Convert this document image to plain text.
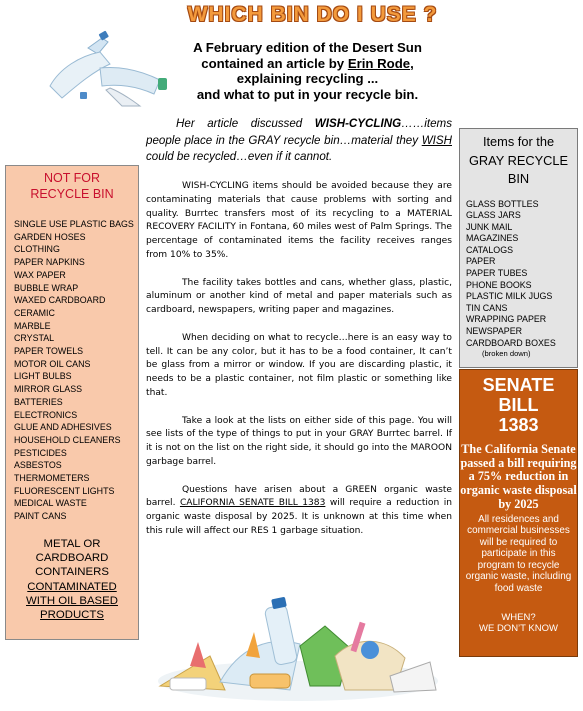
WHICH BIN DO I USE ?
A February edition of the Desert Sun
contained an article by Erin Rode,
explaining recycling ...
and what to put in your recycle bin.
Her article discussed WISH-CYCLING……items people place in the GRAY recycle bin…material they WISH could be recycled…even if it cannot.

WISH-CYCLING items should be avoided because they are contaminating materials that cause problems with sorting and quality. Burrtec transfers most of its recycling to a MATERIAL RECOVERY FACILITY in Fontana, 60 miles west of Palm Springs. The percentage of contaminated items the facility receives ranges from 10% to 35%.

The facility takes bottles and cans, whether glass, plastic, aluminum or another kind of metal and paper materials such as cardboard, newspapers, writing paper and magazines.

When deciding on what to recycle…here is an easy way to tell. It can be any color, but it has to be a food container, It can’t be glass from a mirror or window. If you are discarding plastic, it needs to be a plastic container, not film plastic or something like that.

Take a look at the lists on either side of this page. You will see lists of the type of things to put in your GRAY Burrtec barrel. If it is not on the list on the right side, it should go into the MAROON garbage barrel.

Questions have arisen about a GREEN organic waste barrel. CALIFORNIA SENATE BILL 1383 will require a reduction in organic waste disposal by 2025. It is unknown at this time when this rule will affect our RES 1 garbage situation.

NOT FOR
RECYCLE BIN
SINGLE USE PLASTIC BAGS
GARDEN HOSES
CLOTHING
PAPER NAPKINS
WAX PAPER
BUBBLE WRAP
WAXED CARDBOARD
CERAMIC
MARBLE
CRYSTAL
PAPER TOWELS
MOTOR OIL CANS
LIGHT BULBS
MIRROR GLASS
BATTERIES
ELECTRONICS
GLUE AND ADHESIVES
HOUSEHOLD CLEANERS
PESTICIDES
ASBESTOS
THERMOMETERS
FLUORESCENT LIGHTS
MEDICAL WASTE
PAINT CANS
METAL OR
CARDBOARD
CONTAINERS
CONTAMINATED
WITH OIL BASED
PRODUCTS
Items for the
GRAY RECYCLE
BIN
GLASS BOTTLES
GLASS JARS
JUNK MAIL
MAGAZINES
CATALOGS
PAPER
PAPER TUBES
PHONE BOOKS
PLASTIC MILK JUGS
TIN CANS
WRAPPING PAPER
NEWSPAPER
CARDBOARD BOXES
(broken down)
SENATE
BILL
1383
The California Senate passed a bill requiring a 75% reduction in organic waste disposal by 2025
All residences and commercial businesses will be required to participate in this program to recycle organic waste, including food waste
WHEN?
WE DON’T KNOW
